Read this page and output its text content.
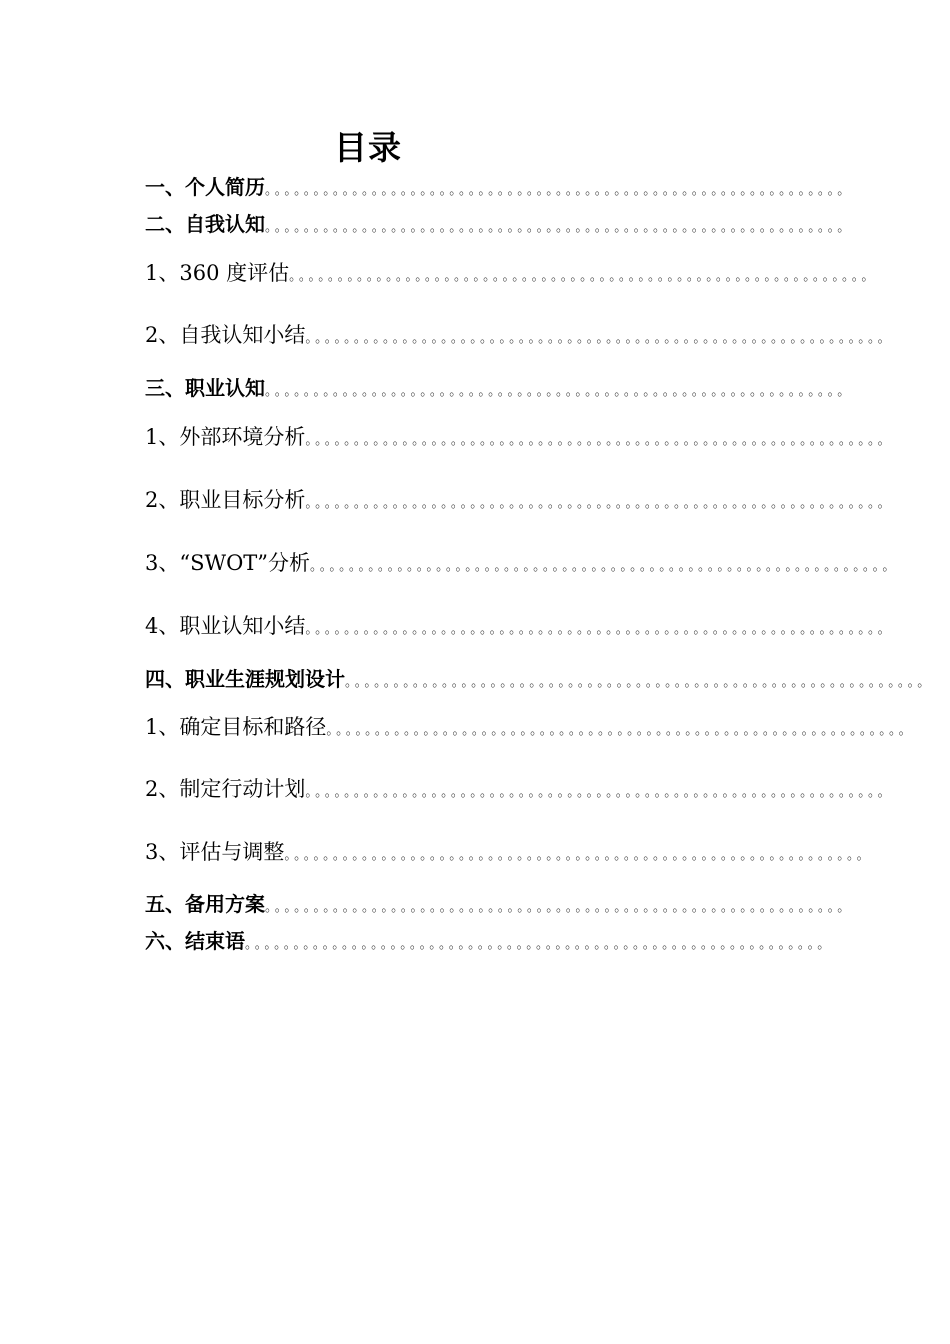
目录
一、个人简历 。。。。。。。。。。。。。。。。。。。。。。。。。。。。。。。。。。。。。。。。。。。。。。。。。。。。。。。。。。。。
二、自我认知 。。。。。。。。。。。。。。。。。。。。。。。。。。。。。。。。。。。。。。。。。。。。。。。。。。。。。。。。。。。。
1、360 度评估 。。。。。。。。。。。。。。。。。。。。。。。。。。。。。。。。。。。。。。。。。。。。。。。。。。。。。。。。。。。。
2、自我认知小结 。。。。。。。。。。。。。。。。。。。。。。。。。。。。。。。。。。。。。。。。。。。。。。。。。。。。。。。。。。。。
三、职业认知 。。。。。。。。。。。。。。。。。。。。。。。。。。。。。。。。。。。。。。。。。。。。。。。。。。。。。。。。。。。。
1、外部环境分析 。。。。。。。。。。。。。。。。。。。。。。。。。。。。。。。。。。。。。。。。。。。。。。。。。。。。。。。。。。。。
2、职业目标分析 。。。。。。。。。。。。。。。。。。。。。。。。。。。。。。。。。。。。。。。。。。。。。。。。。。。。。。。。。。。。
3、“SWOT”分析 。。。。。。。。。。。。。。。。。。。。。。。。。。。。。。。。。。。。。。。。。。。。。。。。。。。。。。。。。。。。
4、职业认知小结 。。。。。。。。。。。。。。。。。。。。。。。。。。。。。。。。。。。。。。。。。。。。。。。。。。。。。。。。。。。。
四、职业生涯规划设计 。。。。。。。。。。。。。。。。。。。。。。。。。。。。。。。。。。。。。。。。。。。。。。。。。。。。。。。。。。。。
1、确定目标和路径 。。。。。。。。。。。。。。。。。。。。。。。。。。。。。。。。。。。。。。。。。。。。。。。。。。。。。。。。。。。。
2、制定行动计划 。。。。。。。。。。。。。。。。。。。。。。。。。。。。。。。。。。。。。。。。。。。。。。。。。。。。。。。。。。。。
3、评估与调整 。。。。。。。。。。。。。。。。。。。。。。。。。。。。。。。。。。。。。。。。。。。。。。。。。。。。。。。。。。。。
五、备用方案 。。。。。。。。。。。。。。。。。。。。。。。。。。。。。。。。。。。。。。。。。。。。。。。。。。。。。。。。。。。。
六、结束语 。。。。。。。。。。。。。。。。。。。。。。。。。。。。。。。。。。。。。。。。。。。。。。。。。。。。。。。。。。。。
